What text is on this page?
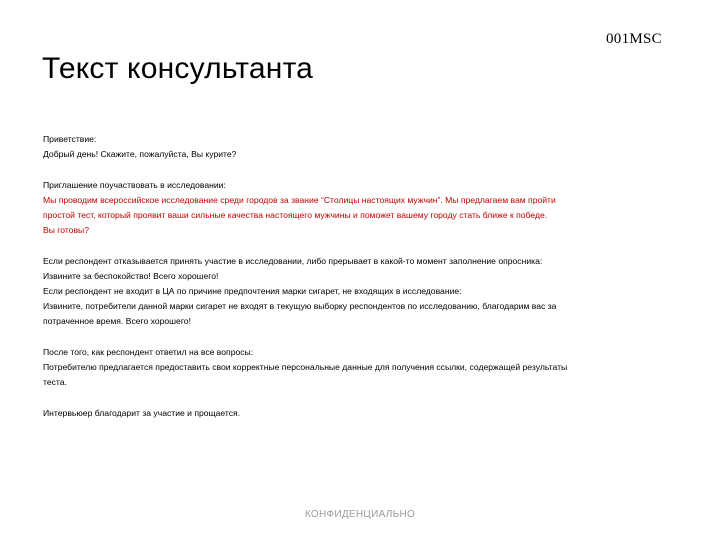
001MSC
Текст консультанта

Приветствие:

Добрый день! Скажите, пожалуйста, Вы курите?

Приглашение поучаствовать в исследовании:

Мы проводим всероссийское исследование среди городов за звание “Столицы настоящих мужчин”. Мы предлагаем вам пройти

простой тест, который проявит ваши сильные качества настоящего мужчины и поможет вашему городу стать ближе к победе.

Вы готовы?

Если респондент отказывается принять участие в исследовании, либо прерывает в какой-то момент заполнение опросника:

Извините за беспокойство! Всего хорошего!

Если респондент не входит в ЦА по причине предпочтения марки сигарет, не входящих в исследование:

Извините, потребители данной марки сигарет не входят в текущую выборку респондентов по исследованию, благодарим вас за

потраченное время. Всего хорошего!

После того, как респондент ответил на все вопросы:

Потребителю предлагается предоставить свои корректные персональные данные для получения ссылки, содержащей результаты

теста.

Интервьюер благодарит за участие и прощается.

КОНФИДЕНЦИАЛЬНО
